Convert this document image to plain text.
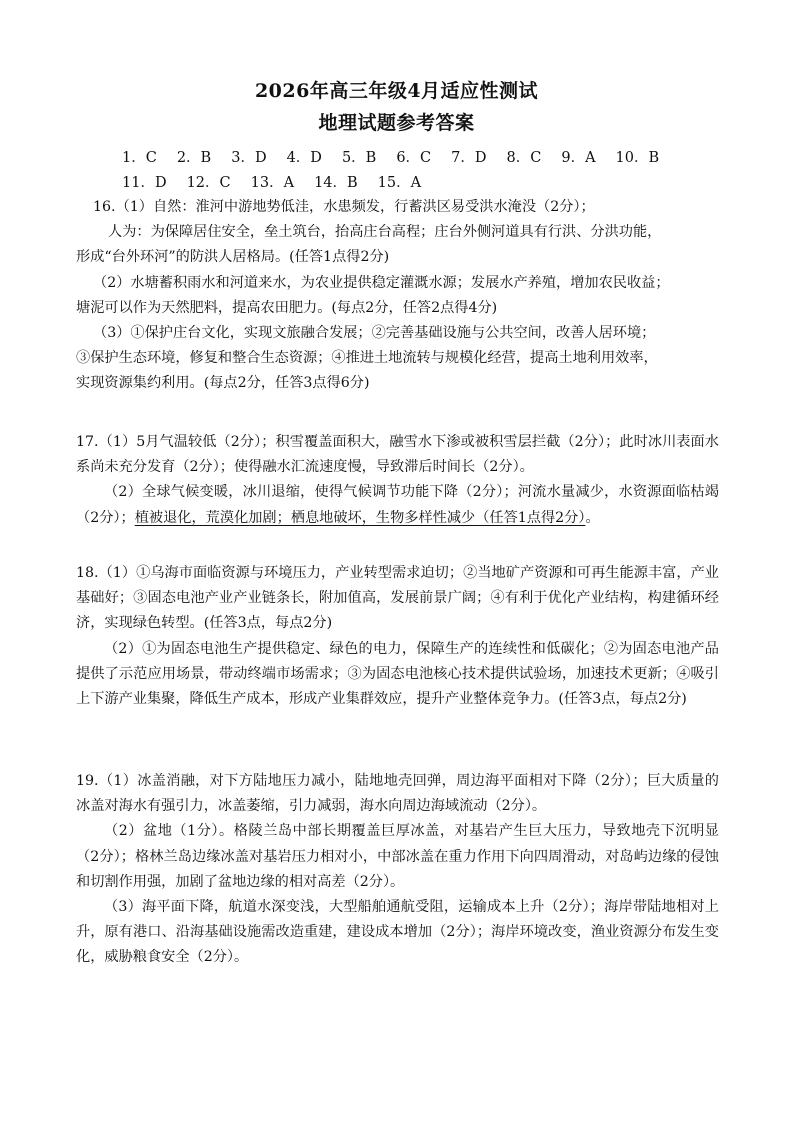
2026年高三年级4月适应性测试
地理试题参考答案
1．C 2．B 3．D 4．D 5．B 6．C 7．D 8．C 9．A 10．B
11．D 12．C 13．A 14．B 15．A

16.（1）自然：淮河中游地势低洼，水患频发，行蓄洪区易受洪水淹没（2分）；

人为：为保障居住安全，垒土筑台，抬高庄台高程；庄台外侧河道具有行洪、分洪功能，

形成“台外环河”的防洪人居格局。(任答1点得2分)

（2）水塘蓄积雨水和河道来水，为农业提供稳定灌溉水源；发展水产养殖，增加农民收益；

塘泥可以作为天然肥料，提高农田肥力。(每点2分，任答2点得4分)

（3）①保护庄台文化，实现文旅融合发展；②完善基础设施与公共空间，改善人居环境；

③保护生态环境，修复和整合生态资源；④推进土地流转与规模化经营，提高土地利用效率，

实现资源集约利用。(每点2分，任答3点得6分)

17.（1）5月气温较低（2分）；积雪覆盖面积大，融雪水下渗或被积雪层拦截（2分）；此时冰川表面水系尚未充分发育（2分）；使得融水汇流速度慢，导致滞后时间长（2分）。

（2）全球气候变暖，冰川退缩，使得气候调节功能下降（2分）；河流水量减少，水资源面临枯竭（2分）；植被退化，荒漠化加剧；栖息地破坏，生物多样性减少（任答1点得2分）。

18.（1）①乌海市面临资源与环境压力，产业转型需求迫切；②当地矿产资源和可再生能源丰富，产业基础好；③固态电池产业产业链条长，附加值高，发展前景广阔；④有利于优化产业结构，构建循环经济，实现绿色转型。(任答3点，每点2分)

（2）①为固态电池生产提供稳定、绿色的电力，保障生产的连续性和低碳化；②为固态电池产品提供了示范应用场景，带动终端市场需求；③为固态电池核心技术提供试验场，加速技术更新；④吸引上下游产业集聚，降低生产成本，形成产业集群效应，提升产业整体竞争力。(任答3点，每点2分)

19.（1）冰盖消融，对下方陆地压力减小，陆地地壳回弹，周边海平面相对下降（2分）；巨大质量的冰盖对海水有强引力，冰盖萎缩，引力减弱，海水向周边海域流动（2分）。

（2）盆地（1分）。格陵兰岛中部长期覆盖巨厚冰盖，对基岩产生巨大压力，导致地壳下沉明显（2分）；格林兰岛边缘冰盖对基岩压力相对小，中部冰盖在重力作用下向四周滑动，对岛屿边缘的侵蚀和切割作用强，加剧了盆地边缘的相对高差（2分）。

（3）海平面下降，航道水深变浅，大型船舶通航受阻，运输成本上升（2分）；海岸带陆地相对上升，原有港口、沿海基础设施需改造重建，建设成本增加（2分）；海岸环境改变，渔业资源分布发生变化，威胁粮食安全（2分）。
